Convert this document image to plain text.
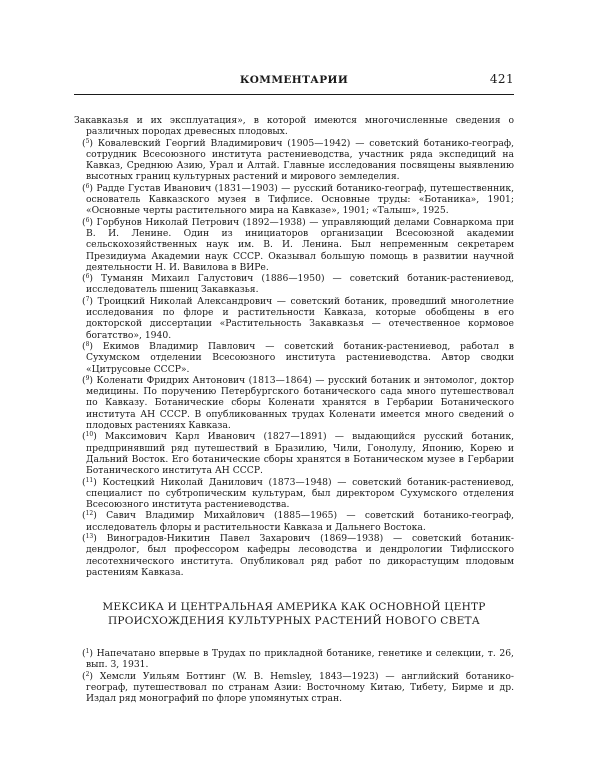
КОММЕНТАРИИ	421

Закавказья и их эксплуатация», в которой имеются многочисленные сведения о различных породах древесных плодовых.

($^5$) Ковалевский Георгий Владимирович (1905—1942) — советский ботанико-географ, сотрудник Всесоюзного института растениеводства, участник ряда экспедиций на Кавказ, Среднюю Азию, Урал и Алтай. Главные исследования посвящены выявлению высотных границ культурных растений и мирового земледелия.

($^6$) Радде Густав Иванович (1831—1903) — русский ботанико-географ, путешественник, основатель Кавказского музея в Тифлисе. Основные труды: «Ботаника», 1901; «Основные черты растительного мира на Кавказе», 1901; «Талыш», 1925.

($^6$) Горбунов Николай Петрович (1892—1938) — управляющий делами Совнаркома при В. И. Ленине. Один из инициаторов организации Всесоюзной академии сельскохозяйственных наук им. В. И. Ленина. Был непременным секретарем Президиума Академии наук СССР. Оказывал большую помощь в развитии научной деятельности Н. И. Вавилова в ВИРе.

($^6$) Туманян Михаил Галустович (1886—1950) — советский ботаник-растениевод, исследователь пшениц Закавказья.

($^7$) Троицкий Николай Александрович — советский ботаник, проведший многолетние исследования по флоре и растительности Кавказа, которые обобщены в его докторской диссертации «Растительность Закавказья — отечественное кормовое богатство», 1940.

($^8$) Екимов Владимир Павлович — советский ботаник-растениевод, работал в Сухумском отделении Всесоюзного института растениеводства. Автор сводки «Цитрусовые СССР».

($^9$) Коленати Фридрих Антонович (1813—1864) — русский ботаник и энтомолог, доктор медицины. По поручению Петербургского ботанического сада много путешествовал по Кавказу. Ботанические сборы Коленати хранятся в Гербарии Ботанического института АН СССР. В опубликованных трудах Коленати имеется много сведений о плодовых растениях Кавказа.

($^{10}$) Максимович Карл Иванович (1827—1891) — выдающийся русский ботаник, предпринявший ряд путешествий в Бразилию, Чили, Гонолулу, Японию, Корею и Дальний Восток. Его ботанические сборы хранятся в Ботаническом музее в Гербарии Ботанического института АН СССР.

($^{11}$) Костецкий Николай Данилович (1873—1948) — советский ботаник-растениевод, специалист по субтропическим культурам, был директором Сухумского отделения Всесоюзного института растениеводства.

($^{12}$) Савич Владимир Михайлович (1885—1965) — советский ботанико-географ, исследователь флоры и растительности Кавказа и Дальнего Востока.

($^{13}$) Виноградов-Никитин Павел Захарович (1869—1938) — советский ботаник-дендролог, был профессором кафедры лесоводства и дендрологии Тифлисского лесотехнического института. Опубликовал ряд работ по дикорастущим плодовым растениям Кавказа.

МЕКСИКА И ЦЕНТРАЛЬНАЯ АМЕРИКА КАК ОСНОВНОЙ ЦЕНТР
ПРОИСХОЖДЕНИЯ КУЛЬТУРНЫХ РАСТЕНИЙ НОВОГО СВЕТА

($^1$) Напечатано впервые в Трудах по прикладной ботанике, генетике и селекции, т. 26, вып. 3, 1931.

($^2$) Хемсли Уильям Боттинг (W. B. Hemsley, 1843—1923) — английский ботанико-географ, путешествовал по странам Азии: Восточному Китаю, Тибету, Бирме и др. Издал ряд монографий по флоре упомянутых стран.
